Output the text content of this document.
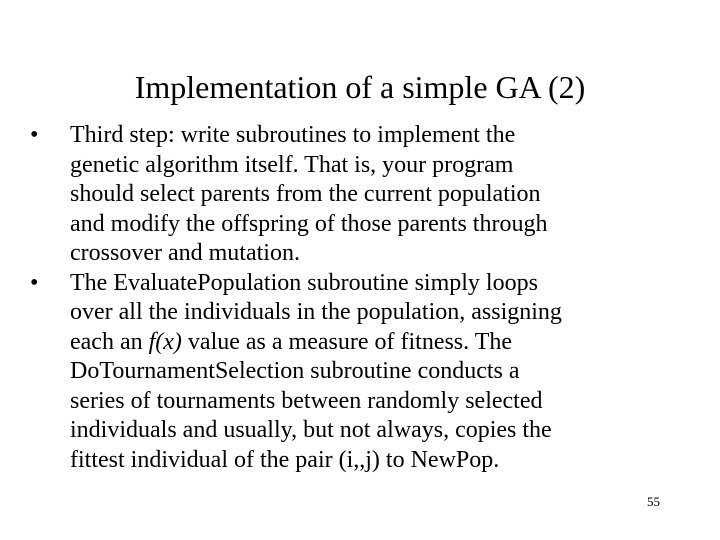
Implementation of a simple GA (2)
•	Third step: write subroutines to implement the
genetic algorithm itself. That is, your program
should select parents from the current population
and modify the offspring of those parents through
crossover and mutation.
•	The EvaluatePopulation subroutine simply loops
over all the individuals in the population, assigning
each an f(x) value as a measure of fitness. The
DoTournamentSelection subroutine conducts a
series of tournaments between randomly selected
individuals and usually, but not always, copies the
fittest individual of the pair (i,,j) to NewPop.
55
